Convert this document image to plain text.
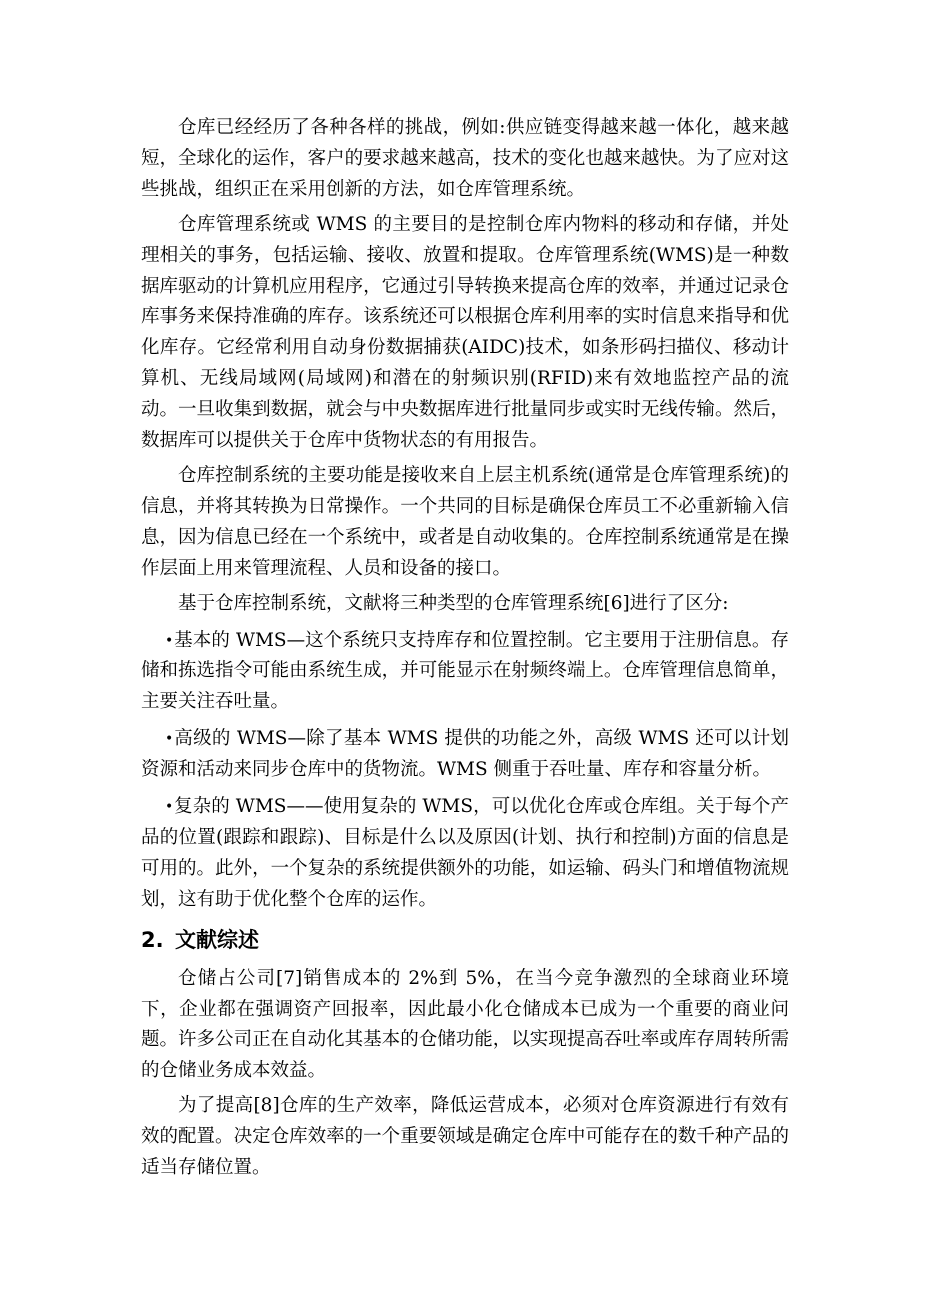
仓库已经经历了各种各样的挑战，例如:供应链变得越来越一体化，越来越短，全球化的运作，客户的要求越来越高，技术的变化也越来越快。为了应对这些挑战，组织正在采用创新的方法，如仓库管理系统。

仓库管理系统或 WMS 的主要目的是控制仓库内物料的移动和存储，并处理相关的事务，包括运输、接收、放置和提取。仓库管理系统(WMS)是一种数据库驱动的计算机应用程序，它通过引导转换来提高仓库的效率，并通过记录仓库事务来保持准确的库存。该系统还可以根据仓库利用率的实时信息来指导和优化库存。它经常利用自动身份数据捕获(AIDC)技术，如条形码扫描仪、移动计算机、无线局域网(局域网)和潜在的射频识别(RFID)来有效地监控产品的流动。一旦收集到数据，就会与中央数据库进行批量同步或实时无线传输。然后，数据库可以提供关于仓库中货物状态的有用报告。

仓库控制系统的主要功能是接收来自上层主机系统(通常是仓库管理系统)的信息，并将其转换为日常操作。一个共同的目标是确保仓库员工不必重新输入信息，因为信息已经在一个系统中，或者是自动收集的。仓库控制系统通常是在操作层面上用来管理流程、人员和设备的接口。

基于仓库控制系统，文献将三种类型的仓库管理系统[6]进行了区分:

•基本的 WMS—这个系统只支持库存和位置控制。它主要用于注册信息。存储和拣选指令可能由系统生成，并可能显示在射频终端上。仓库管理信息简单，主要关注吞吐量。

•高级的 WMS—除了基本 WMS 提供的功能之外，高级 WMS 还可以计划资源和活动来同步仓库中的货物流。WMS 侧重于吞吐量、库存和容量分析。

•复杂的 WMS——使用复杂的 WMS，可以优化仓库或仓库组。关于每个产品的位置(跟踪和跟踪)、目标是什么以及原因(计划、执行和控制)方面的信息是可用的。此外，一个复杂的系统提供额外的功能，如运输、码头门和增值物流规划，这有助于优化整个仓库的运作。

2. 文献综述

仓储占公司[7]销售成本的 2%到 5%，在当今竞争激烈的全球商业环境下，企业都在强调资产回报率，因此最小化仓储成本已成为一个重要的商业问题。许多公司正在自动化其基本的仓储功能，以实现提高吞吐率或库存周转所需的仓储业务成本效益。

为了提高[8]仓库的生产效率，降低运营成本，必须对仓库资源进行有效有效的配置。决定仓库效率的一个重要领域是确定仓库中可能存在的数千种产品的适当存储位置。
